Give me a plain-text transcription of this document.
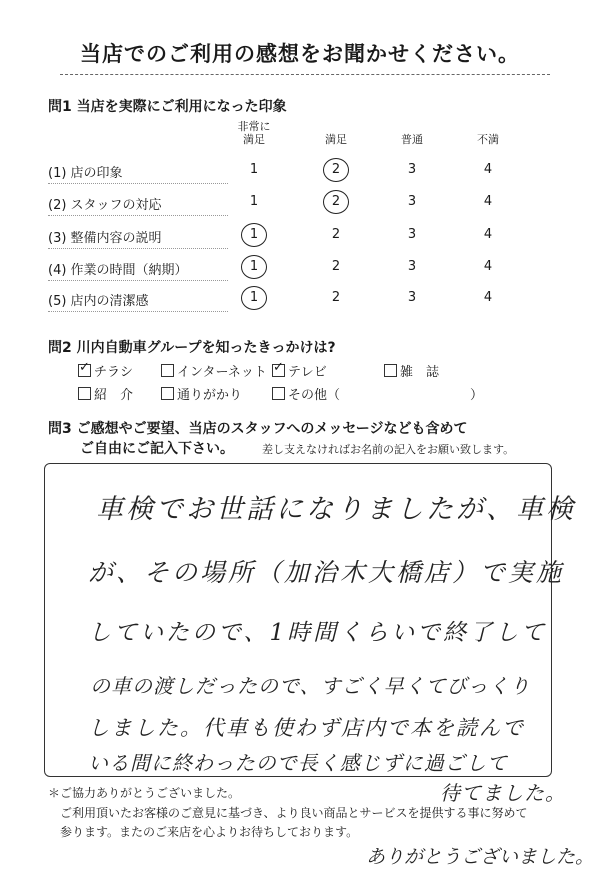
当店でのご利用の感想をお聞かせください。
問1 当店を実際にご利用になった印象
非常に
満足	満足	普通	不満
(1) 店の印象	1	2	3	4
(2) スタッフの対応	1	2	3	4
(3) 整備内容の説明	1	2	3	4
(4) 作業の時間（納期）	1	2	3	4
(5) 店内の清潔感	1	2	3	4
問2 川内自動車グループを知ったきっかけは?
✓ チラシ	インターネット ✓ テレビ	雑　誌
紹　介	通りがかり	その他（	）
問3 ご感想やご要望、当店のスタッフへのメッセージなども含めて
ご自由にご記入下さい。	差し支えなければお名前の記入をお願い致します。
車検でお世話になりましたが、車検
が、その場所（加治木大橋店）で実施
していたので、1時間くらいで終了して
の車の渡しだったので、すごく早くてびっくり
しました。代車も使わず店内で本を読んで
いる間に終わったので長く感じずに過ごして
待てました。
ありがとうございました。
＊ご協力ありがとうございました。
ご利用頂いたお客様のご意見に基づき、より良い商品とサービスを提供する事に努めて
参ります。またのご来店を心よりお待ちしております。
